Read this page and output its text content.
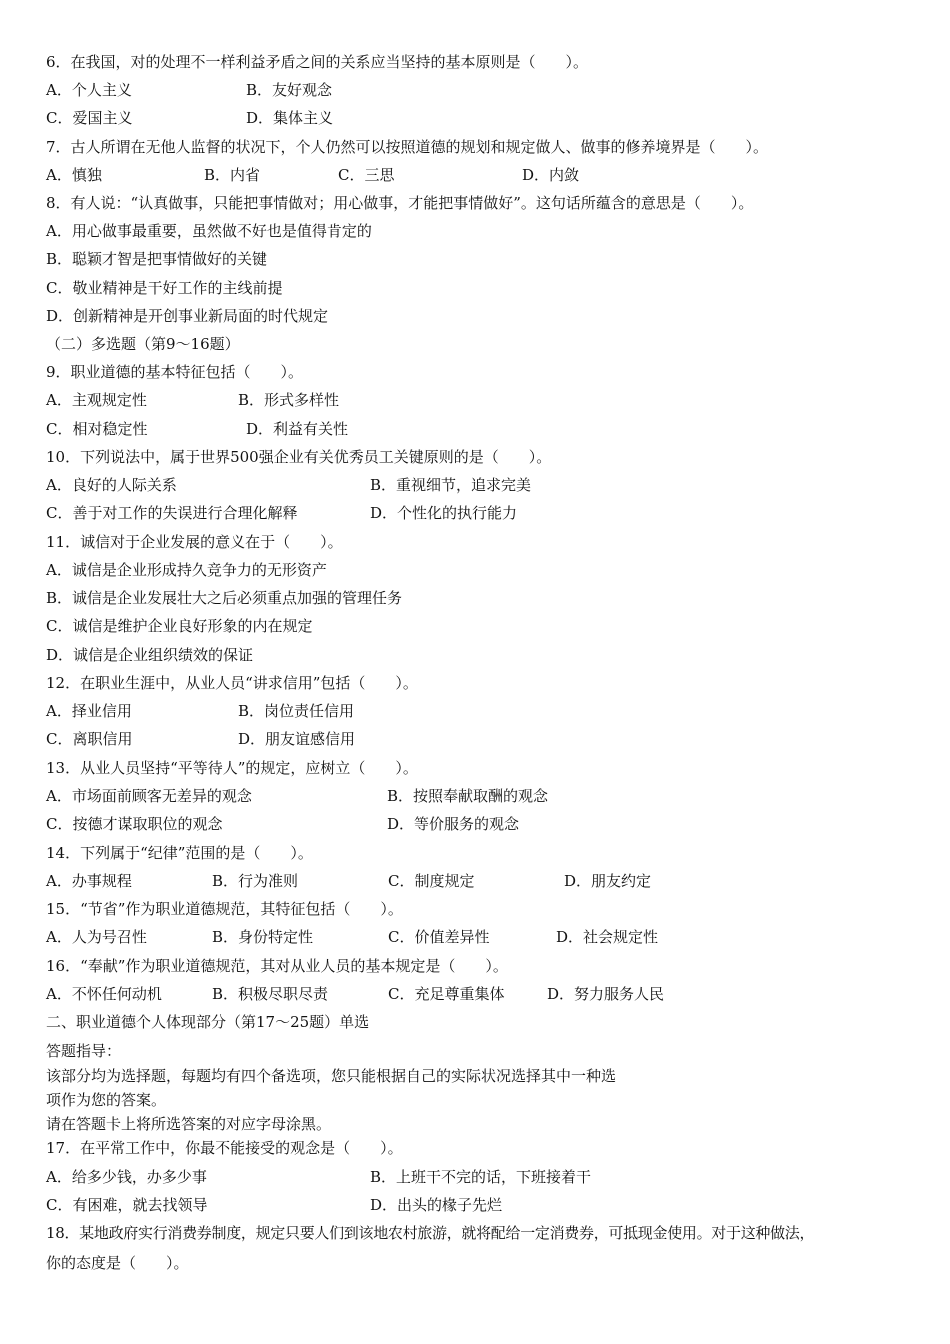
6．在我国，对的处理不一样利益矛盾之间的关系应当坚持的基本原则是（　　）。

A．个人主义	B．友好观念
C．爱国主义	D．集体主义

7．古人所谓在无他人监督的状况下，个人仍然可以按照道德的规划和规定做人、做事的修养境界是（　　）。

A．慎独	B．内省	C．三思	D．内敛

8．有人说：“认真做事，只能把事情做对；用心做事，才能把事情做好”。这句话所蕴含的意思是（　　）。

A．用心做事最重要，虽然做不好也是值得肯定的

B．聪颖才智是把事情做好的关键

C．敬业精神是干好工作的主线前提

D．创新精神是开创事业新局面的时代规定

（二）多选题（第9～16题）

9．职业道德的基本特征包括（　　）。

A．主观规定性	B．形式多样性
C．相对稳定性	D．利益有关性

10．下列说法中，属于世界500强企业有关优秀员工关键原则的是（　　）。

A．良好的人际关系	B．重视细节，追求完美
C．善于对工作的失误进行合理化解释	D．个性化的执行能力

11．诚信对于企业发展的意义在于（　　）。

A．诚信是企业形成持久竞争力的无形资产

B．诚信是企业发展壮大之后必须重点加强的管理任务

C．诚信是维护企业良好形象的内在规定

D．诚信是企业组织绩效的保证

12．在职业生涯中，从业人员“讲求信用”包括（　　）。

A．择业信用	B．岗位责任信用
C．离职信用	D．朋友谊感信用

13．从业人员坚持“平等待人”的规定，应树立（　　）。

A．市场面前顾客无差异的观念	B．按照奉献取酬的观念
C．按德才谋取职位的观念	D．等价服务的观念

14．下列属于“纪律”范围的是（　　）。

A．办事规程	B．行为准则	C．制度规定	D．朋友约定

15．“节省”作为职业道德规范，其特征包括（　　）。

A．人为号召性	B．身份特定性	C．价值差异性	D．社会规定性

16．“奉献”作为职业道德规范，其对从业人员的基本规定是（　　）。

A．不怀任何动机	B．积极尽职尽责	C．充足尊重集体	D．努力服务人民

二、职业道德个人体现部分（第17～25题）单选

答题指导：

该部分均为选择题，每题均有四个备选项，您只能根据自己的实际状况选择其中一种选

项作为您的答案。

请在答题卡上将所选答案的对应字母涂黑。

17．在平常工作中，你最不能接受的观念是（　　）。

A．给多少钱，办多少事	B．上班干不完的话，下班接着干
C．有困难，就去找领导	D．出头的椽子先烂

18．某地政府实行消费券制度，规定只要人们到该地农村旅游，就将配给一定消费券，可抵现金使用。对于这种做法，

你的态度是（　　）。
